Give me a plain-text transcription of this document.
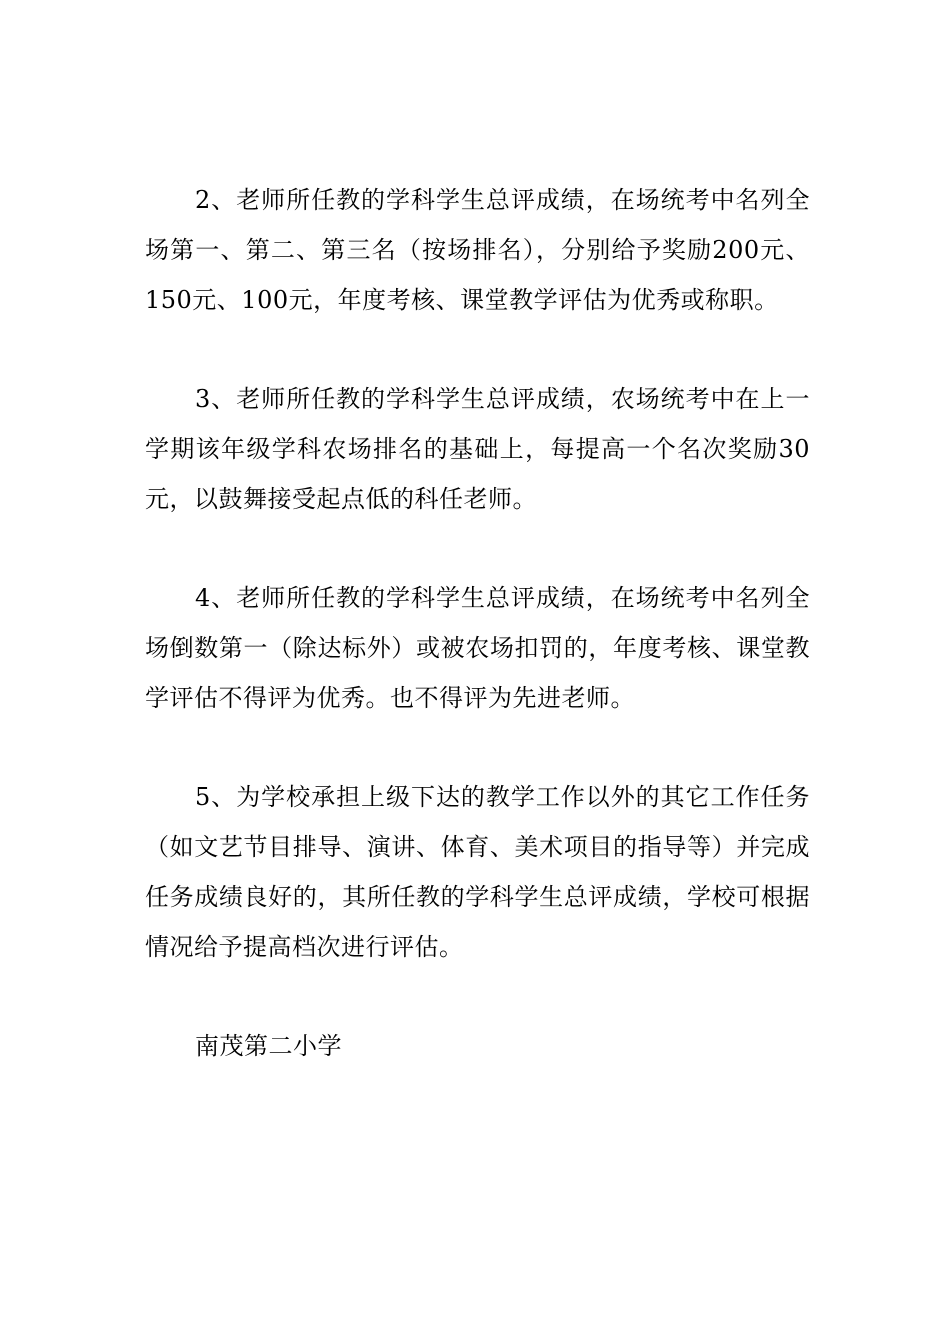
2、老师所任教的学科学生总评成绩，在场统考中名列全场第一、第二、第三名（按场排名），分别给予奖励200元、150元、100元，年度考核、课堂教学评估为优秀或称职。

3、老师所任教的学科学生总评成绩，农场统考中在上一学期该年级学科农场排名的基础上，每提高一个名次奖励30元，以鼓舞接受起点低的科任老师。

4、老师所任教的学科学生总评成绩，在场统考中名列全场倒数第一（除达标外）或被农场扣罚的，年度考核、课堂教学评估不得评为优秀。也不得评为先进老师。

5、为学校承担上级下达的教学工作以外的其它工作任务（如文艺节目排导、演讲、体育、美术项目的指导等）并完成任务成绩良好的，其所任教的学科学生总评成绩，学校可根据情况给予提高档次进行评估。

南茂第二小学
